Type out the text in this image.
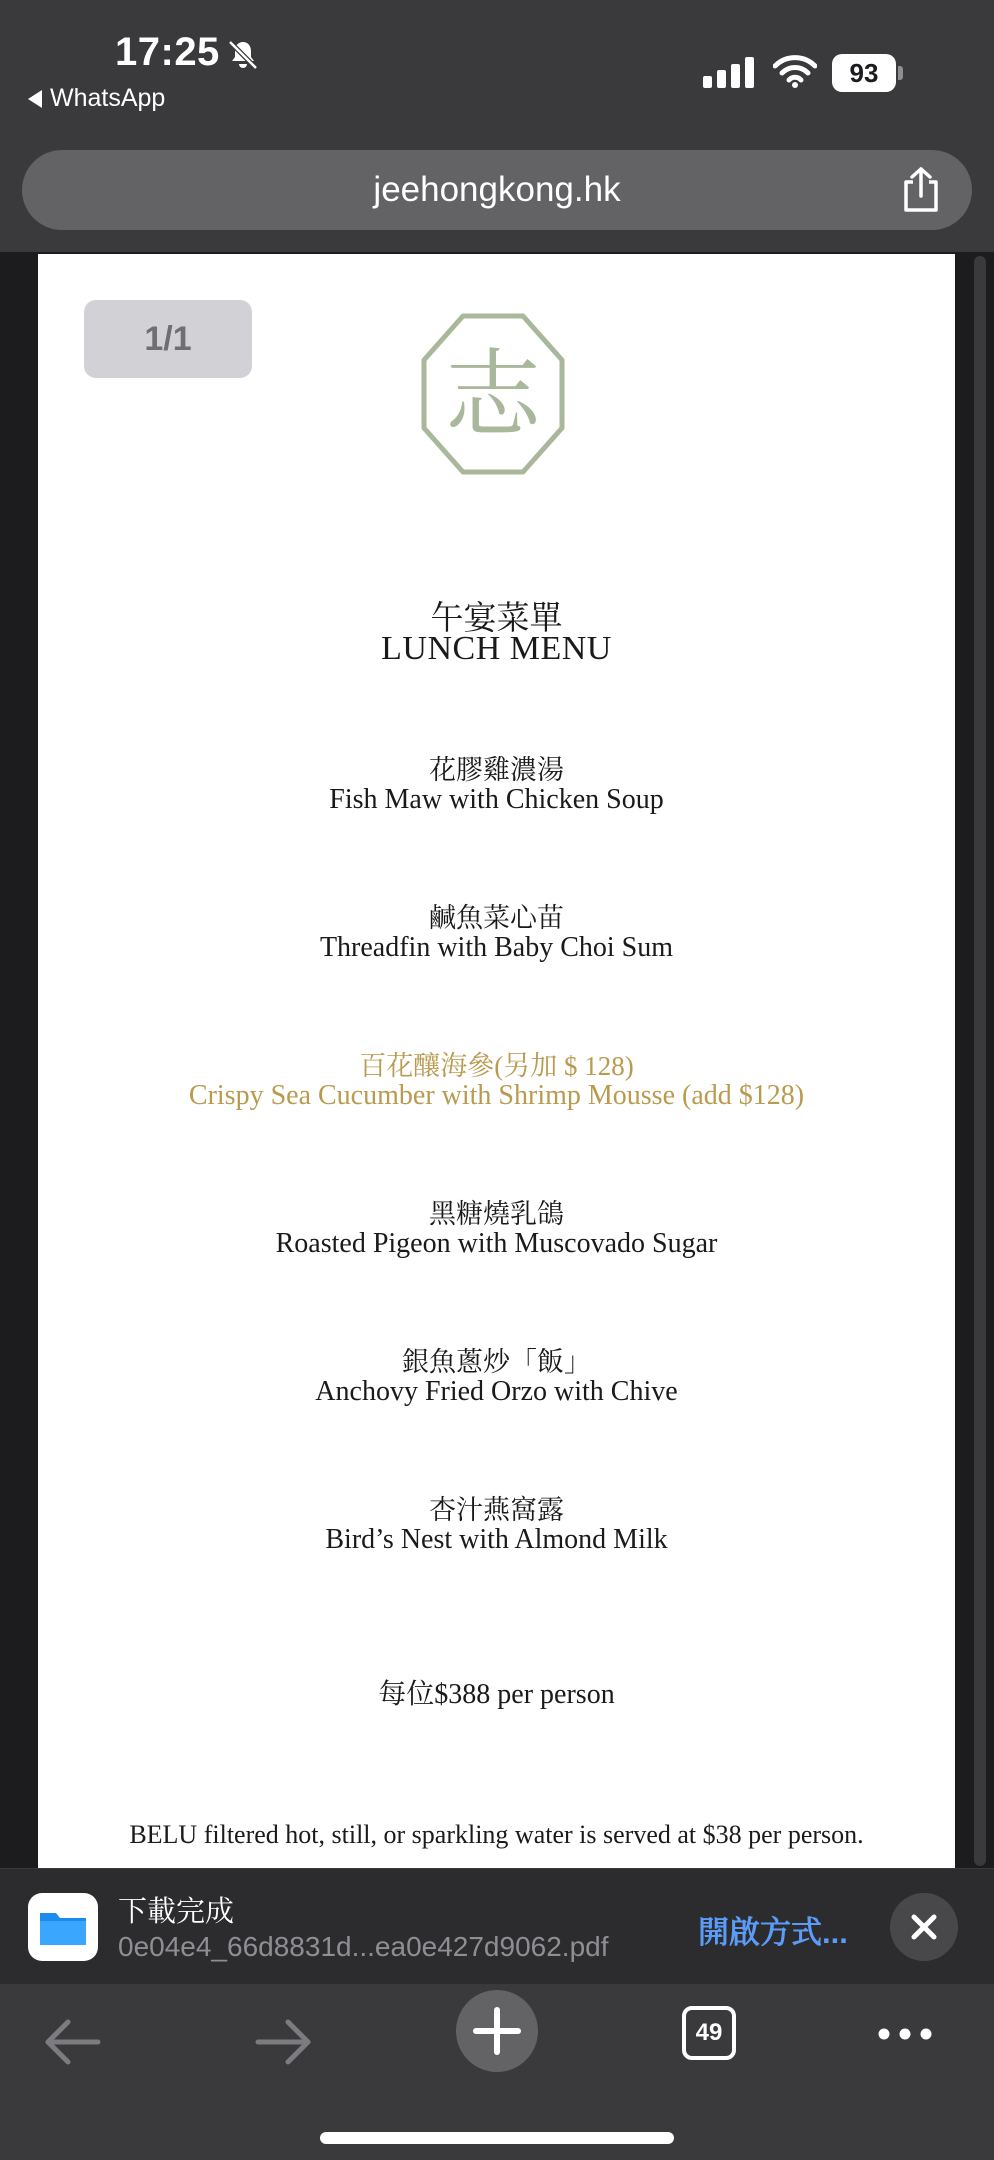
17:25
WhatsApp
93
jeehongkong.hk
1/1
志
午宴菜單
LUNCH MENU
花膠雞濃湯
Fish Maw with Chicken Soup
鹹魚菜心苗
Threadfin with Baby Choi Sum
百花釀海參(另加 $ 128)
Crispy Sea Cucumber with Shrimp Mousse (add $128)
黑糖燒乳鴿
Roasted Pigeon with Muscovado Sugar
銀魚蔥炒「飯」
Anchovy Fried Orzo with Chive
杏汁燕窩露
Bird’s Nest with Almond Milk
每位$388 per person
BELU filtered hot, still, or sparkling water is served at $38 per person.
下載完成
0e04e4_66d8831d...ea0e427d9062.pdf	開啟方式...
49
